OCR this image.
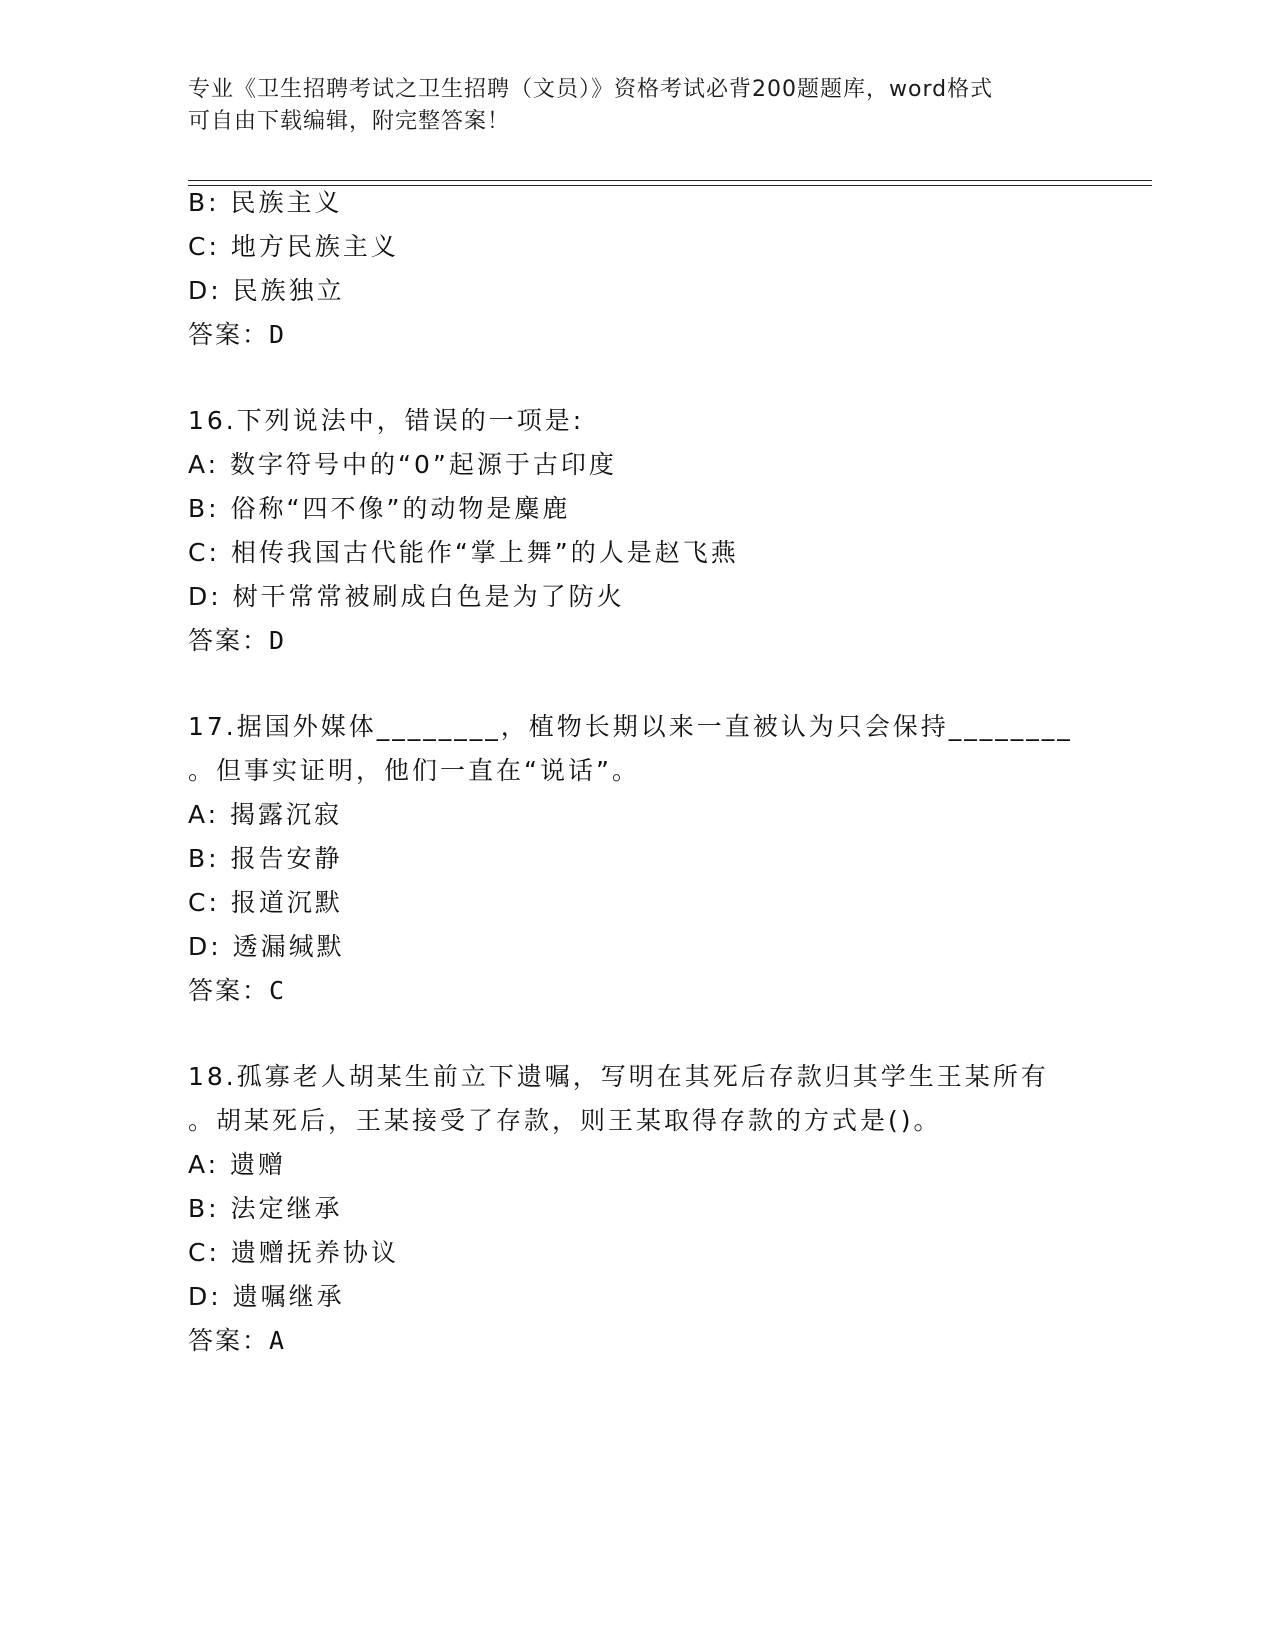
专业《卫生招聘考试之卫生招聘（文员）》资格考试必背200题题库，word格式
可自由下载编辑，附完整答案！
B: 民族主义
C: 地方民族主义
D: 民族独立
答案：D
16.下列说法中，错误的一项是:
A: 数字符号中的“0”起源于古印度
B: 俗称“四不像”的动物是麋鹿
C: 相传我国古代能作“掌上舞”的人是赵飞燕
D: 树干常常被刷成白色是为了防火
答案：D
17.据国外媒体________，植物长期以来一直被认为只会保持________
。但事实证明，他们一直在“说话”。
A: 揭露沉寂
B: 报告安静
C: 报道沉默
D: 透漏缄默
答案：C
18.孤寡老人胡某生前立下遗嘱，写明在其死后存款归其学生王某所有
。胡某死后，王某接受了存款，则王某取得存款的方式是()。
A: 遗赠
B: 法定继承
C: 遗赠抚养协议
D: 遗嘱继承
答案：A
